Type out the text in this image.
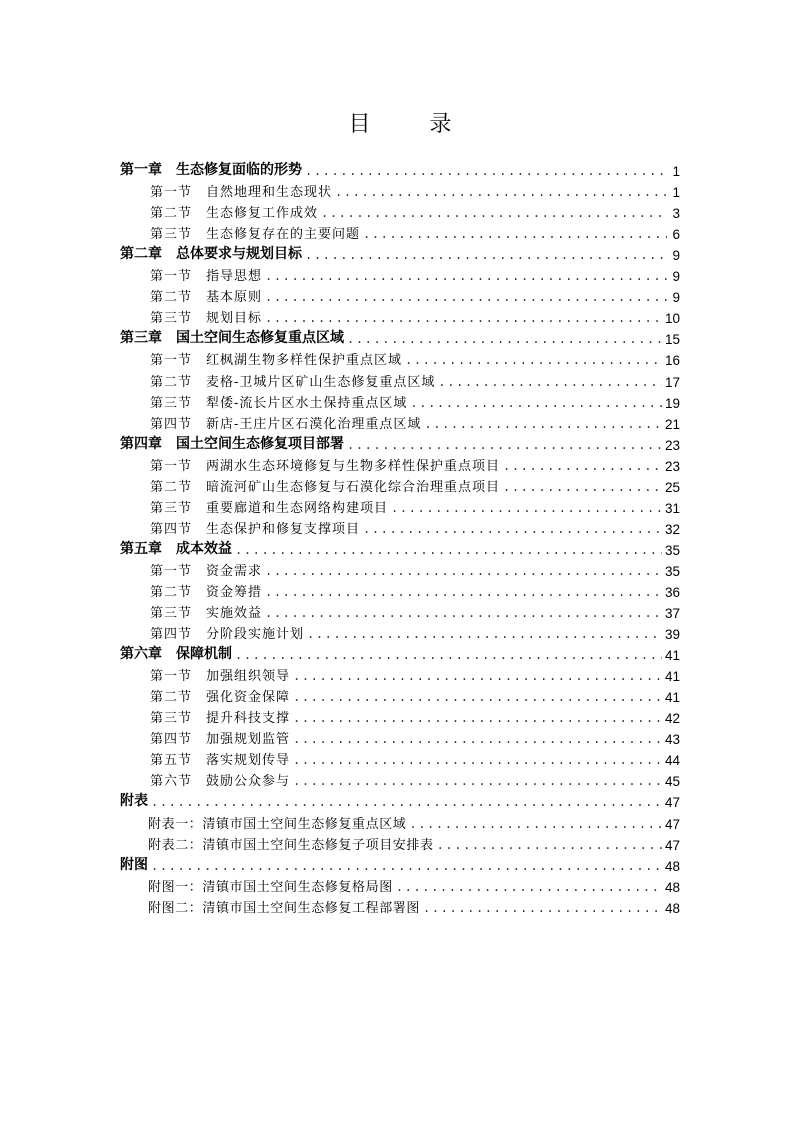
目 录
第一章 生态修复面临的形势 .....	1
第一节 自然地理和生态现状 .....	1
第二节 生态修复工作成效 .....	3
第三节 生态修复存在的主要问题 .....	6
第二章 总体要求与规划目标 .....	9
第一节 指导思想 .....	9
第二节 基本原则 .....	9
第三节 规划目标 .....	10
第三章 国土空间生态修复重点区域 .....	15
第一节 红枫湖生物多样性保护重点区域 .....	16
第二节 麦格-卫城片区矿山生态修复重点区域 .....	17
第三节 犁倭-流长片区水土保持重点区域 .....	19
第四节 新店-王庄片区石漠化治理重点区域 .....	21
第四章 国土空间生态修复项目部署 .....	23
第一节 两湖水生态环境修复与生物多样性保护重点项目 .....	23
第二节 暗流河矿山生态修复与石漠化综合治理重点项目 .....	25
第三节 重要廊道和生态网络构建项目 .....	31
第四节 生态保护和修复支撑项目 .....	32
第五章 成本效益 .....	35
第一节 资金需求 .....	35
第二节 资金筹措 .....	36
第三节 实施效益 .....	37
第四节 分阶段实施计划 .....	39
第六章 保障机制 .....	41
第一节 加强组织领导 .....	41
第二节 强化资金保障 .....	41
第三节 提升科技支撑 .....	42
第四节 加强规划监管 .....	43
第五节 落实规划传导 .....	44
第六节 鼓励公众参与 .....	45
附表 .....	47
附表一：清镇市国土空间生态修复重点区域 .....	47
附表二：清镇市国土空间生态修复子项目安排表 .....	47
附图 .....	48
附图一：清镇市国土空间生态修复格局图 .....	48
附图二：清镇市国土空间生态修复工程部署图 .....	48
